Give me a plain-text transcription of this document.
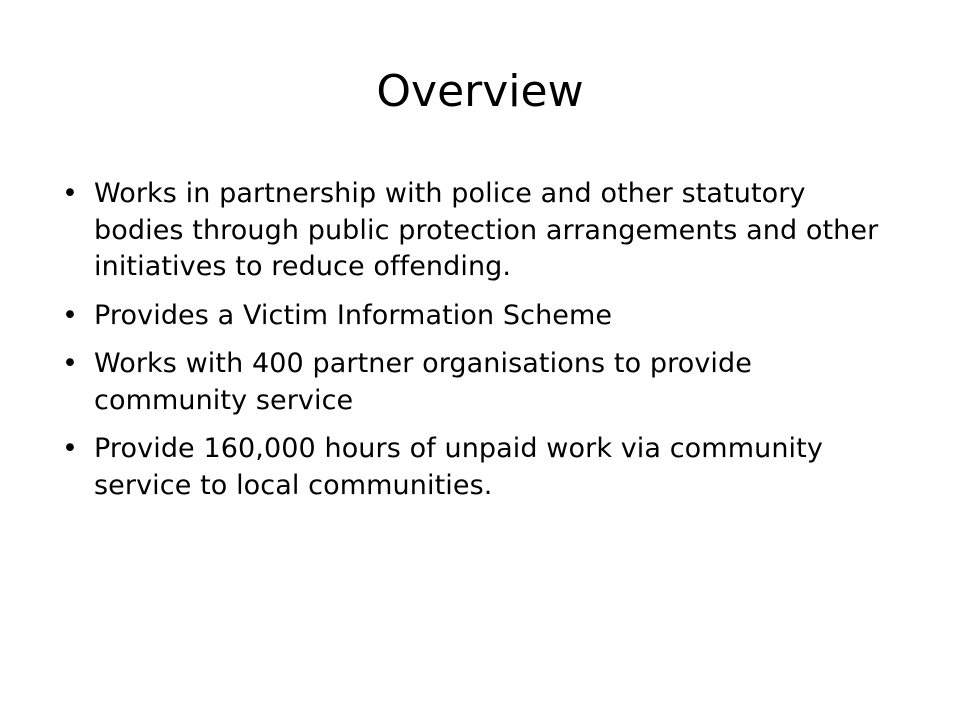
Overview
• Works in partnership with police and other statutory bodies through public protection arrangements and other initiatives to reduce offending.
• Provides a Victim Information Scheme
• Works with 400 partner organisations to provide community service
• Provide 160,000 hours of unpaid work via community service to local communities.
